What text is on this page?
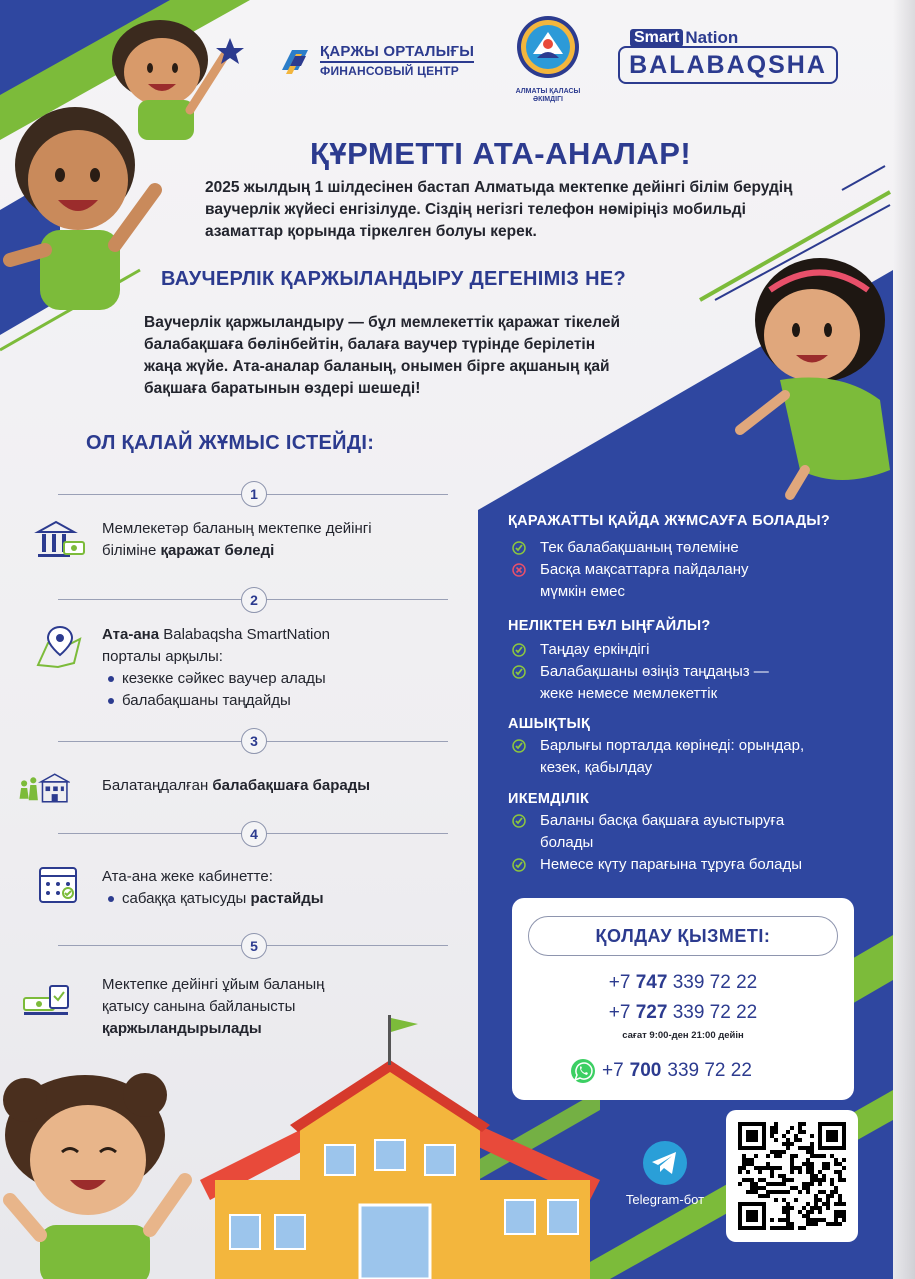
ҚАРЖЫ ОРТАЛЫҒЫ
ФИНАНСОВЫЙ ЦЕНТР
АЛМАТЫ ҚАЛАСЫ
ӘКІМДІГІ
Smart Nation
BALABAQSHA
ҚҰРМЕТТІ АТА-АНАЛАР!
2025 жылдың 1 шілдесінен бастап Алматыда мектепке дейінгі білім берудің
ваучерлік жүйесі енгізілуде. Сіздің негізгі телефон нөміріңіз мобильді
азаматтар қорында тіркелген болуы керек.
ВАУЧЕРЛІК ҚАРЖЫЛАНДЫРУ ДЕГЕНІМІЗ НЕ?
Ваучерлік қаржыландыру — бұл мемлекеттік қаражат тікелей
балабақшаға бөлінбейтін, балаға ваучер түрінде берілетін
жаңа жүйе. Ата-аналар баланың, онымен бірге ақшаның қай
бақшаға баратынын өздері шешеді!
ОЛ ҚАЛАЙ ЖҰМЫС ІСТЕЙДІ:
1
Мемлекетәр баланың мектепке дейінгі
біліміне қаражат бөледі
2
Ата-ана Balabaqsha SmartNation
порталы арқылы:
кезекке сәйкес ваучер алады
балабақшаны таңдайды
3
Балатаңдалған балабақшаға барады
4
Ата-ана жеке кабинетте:
сабаққа қатысуды растайды
5
Мектепке дейінгі ұйым баланың
қатысу санына байланысты
қаржыландырылады
ҚАРАЖАТТЫ ҚАЙДА ЖҰМСАУҒА БОЛАДЫ?
Тек балабақшаның төлеміне
Басқа мақсаттарға пайдалану
мүмкін емес
НЕЛІКТЕН БҰЛ ЫҢҒАЙЛЫ?
Таңдау еркіндігі
Балабақшаны өзіңіз таңдаңыз —
жеке немесе мемлекеттік
АШЫҚТЫҚ
Барлығы порталда көрінеді: орындар,
кезек, қабылдау
ИКЕМДІЛІК
Баланы басқа бақшаға ауыстыруға
болады
Немесе күту парағына тұруға болады
ҚОЛДАУ ҚЫЗМЕТІ:
+7 747 339 72 22
+7 727 339 72 22
сағат 9:00-ден 21:00 дейін
+7 700 339 72 22
Telegram-бот
